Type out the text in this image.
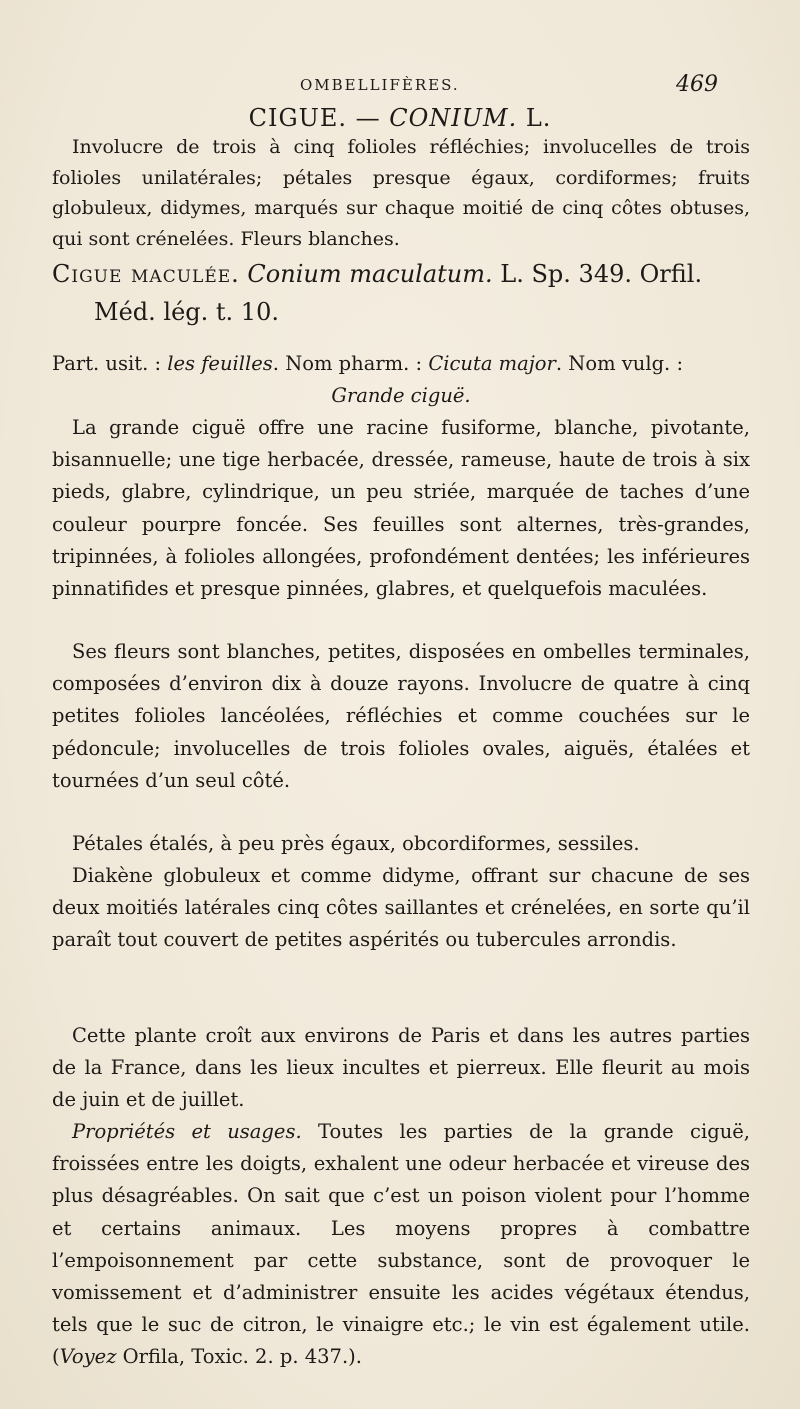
OMBELLIFÈRES.	469
CIGUE. — CONIUM. L.
Involucre de trois à cinq folioles réfléchies; involucelles de trois folioles unilatérales; pétales presque égaux, cordiformes; fruits globuleux, didymes, marqués sur chaque moitié de cinq côtes obtuses, qui sont crénelées. Fleurs blanches.
Cigue maculée. Conium maculatum. L. Sp. 349. Orfil.
Méd. lég. t. 10.
Part. usit. : les feuilles. Nom pharm. : Cicuta major. Nom vulg. :
Grande ciguë.
La grande ciguë offre une racine fusiforme, blanche, pivotante, bisannuelle; une tige herbacée, dressée, rameuse, haute de trois à six pieds, glabre, cylindrique, un peu striée, marquée de taches d’une couleur pourpre foncée. Ses feuilles sont alternes, très-grandes, tripinnées, à folioles allongées, profondément dentées; les inférieures pinnatifides et presque pinnées, glabres, et quelquefois maculées.
Ses fleurs sont blanches, petites, disposées en ombelles terminales, composées d’environ dix à douze rayons. Involucre de quatre à cinq petites folioles lancéolées, réfléchies et comme couchées sur le pédoncule; involucelles de trois folioles ovales, aiguës, étalées et tournées d’un seul côté.
Pétales étalés, à peu près égaux, obcordiformes, sessiles.
Diakène globuleux et comme didyme, offrant sur chacune de ses deux moitiés latérales cinq côtes saillantes et crénelées, en sorte qu’il paraît tout couvert de petites aspérités ou tubercules arrondis.
Cette plante croît aux environs de Paris et dans les autres parties de la France, dans les lieux incultes et pierreux. Elle fleurit au mois de juin et de juillet.
Propriétés et usages. Toutes les parties de la grande ciguë, froissées entre les doigts, exhalent une odeur herbacée et vireuse des plus désagréables. On sait que c’est un poison violent pour l’homme et certains animaux. Les moyens propres à combattre l’empoisonnement par cette substance, sont de provoquer le vomissement et d’administrer ensuite les acides végétaux étendus, tels que le suc de citron, le vinaigre etc.; le vin est également utile. (Voyez Orfila, Toxic. 2. p. 437.).
